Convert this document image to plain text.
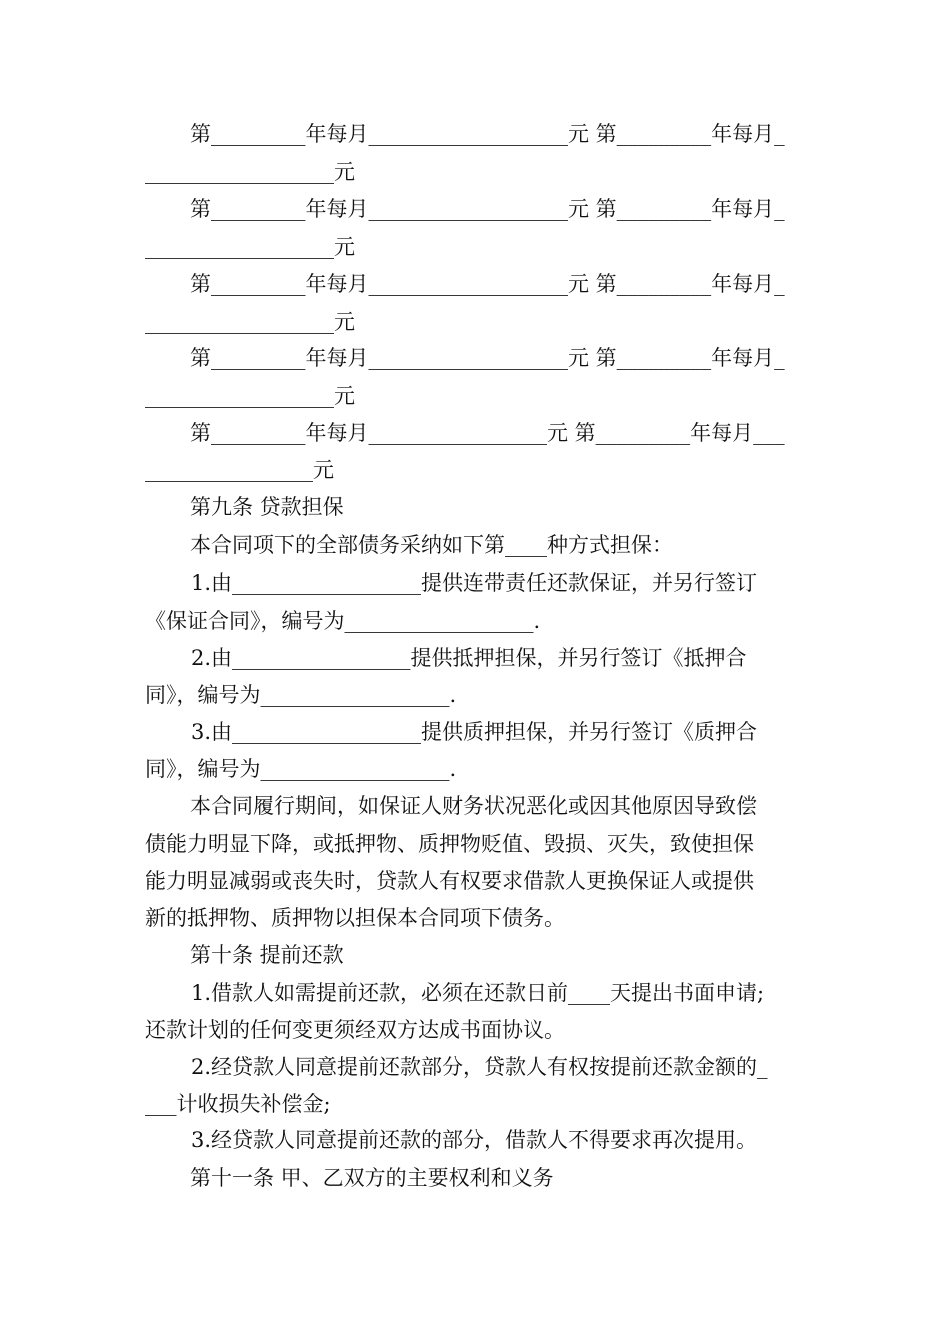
第_________年每月___________________元 第_________年每月_
__________________元
第_________年每月___________________元 第_________年每月_
__________________元
第_________年每月___________________元 第_________年每月_
__________________元
第_________年每月___________________元 第_________年每月_
__________________元
第_________年每月_________________元 第_________年每月___
________________元
第九条 贷款担保
本合同项下的全部债务采纳如下第____种方式担保：
1.由__________________提供连带责任还款保证，并另行签订
《保证合同》，编号为__________________.
2.由_________________提供抵押担保，并另行签订《抵押合
同》，编号为__________________.
3.由__________________提供质押担保，并另行签订《质押合
同》，编号为__________________.
本合同履行期间，如保证人财务状况恶化或因其他原因导致偿
债能力明显下降，或抵押物、质押物贬值、毁损、灭失，致使担保
能力明显减弱或丧失时，贷款人有权要求借款人更换保证人或提供
新的抵押物、质押物以担保本合同项下债务。
第十条 提前还款
1.借款人如需提前还款，必须在还款日前____天提出书面申请;
还款计划的任何变更须经双方达成书面协议。
2.经贷款人同意提前还款部分，贷款人有权按提前还款金额的_
___计收损失补偿金;
3.经贷款人同意提前还款的部分，借款人不得要求再次提用。
第十一条 甲、乙双方的主要权利和义务
